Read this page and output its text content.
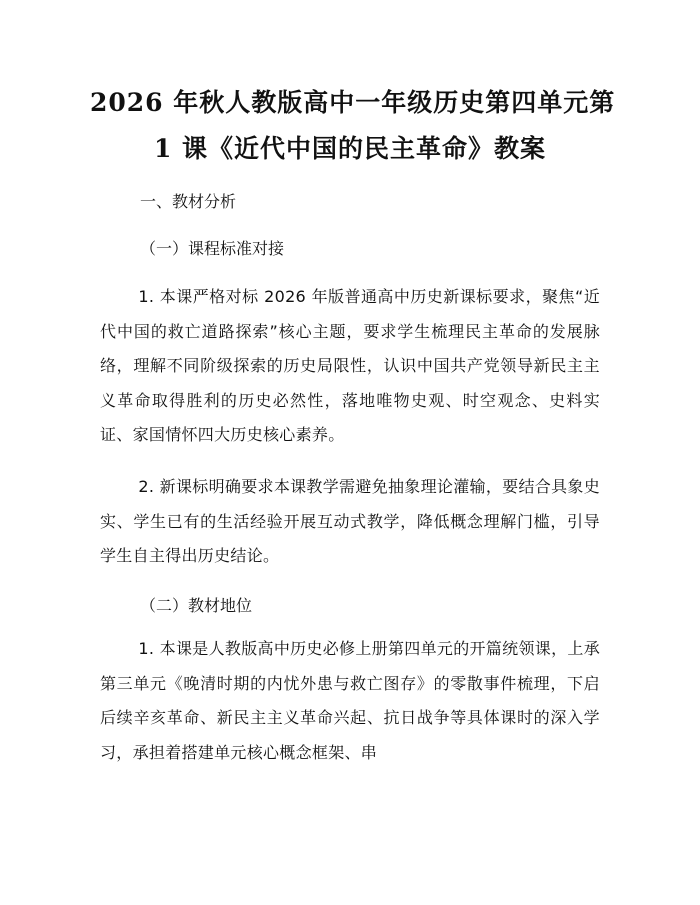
2026 年秋人教版高中一年级历史第四单元第
1 课《近代中国的民主革命》教案
一、教材分析
（一）课程标准对接

1. 本课严格对标 2026 年版普通高中历史新课标要求，聚焦“近代中国的救亡道路探索”核心主题，要求学生梳理民主革命的发展脉络，理解不同阶级探索的历史局限性，认识中国共产党领导新民主主义革命取得胜利的历史必然性，落地唯物史观、时空观念、史料实证、家国情怀四大历史核心素养。

2. 新课标明确要求本课教学需避免抽象理论灌输，要结合具象史实、学生已有的生活经验开展互动式教学，降低概念理解门槛，引导学生自主得出历史结论。

（二）教材地位

1. 本课是人教版高中历史必修上册第四单元的开篇统领课，上承第三单元《晚清时期的内忧外患与救亡图存》的零散事件梳理，下启后续辛亥革命、新民主主义革命兴起、抗日战争等具体课时的深入学习，承担着搭建单元核心概念框架、串
